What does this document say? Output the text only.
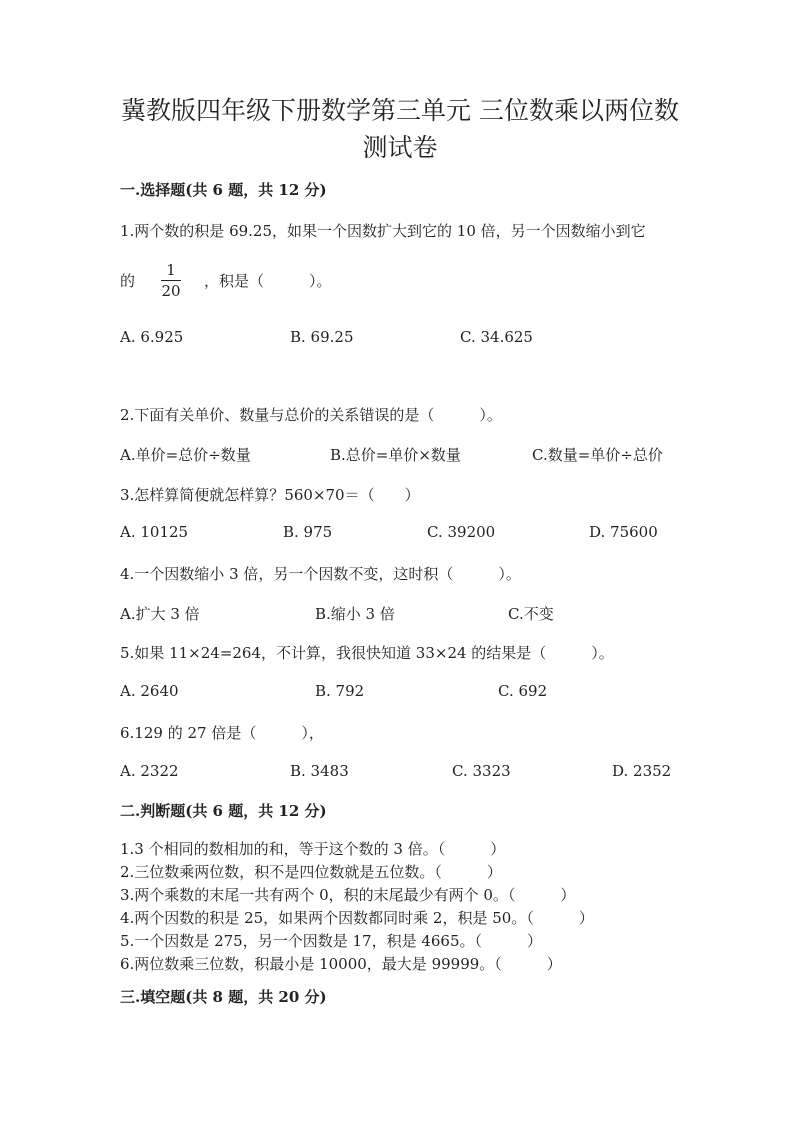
冀教版四年级下册数学第三单元 三位数乘以两位数
测试卷
一.选择题(共 6 题，共 12 分)

1.两个数的积是 69.25，如果一个因数扩大到它的 10 倍，另一个因数缩小到它

的

1
20

，积是（　　　）。

A. 6.925	B. 69.25	C. 34.625

2.下面有关单价、数量与总价的关系错误的是（　　　）。

A.单价=总价÷数量	B.总价=单价×数量	C.数量=单价÷总价

3.怎样算简便就怎样算？560×70＝（　　）

A. 10125	B. 975	C. 39200	D. 75600

4.一个因数缩小 3 倍，另一个因数不变，这时积（　　　）。

A.扩大 3 倍	B.缩小 3 倍	C.不变

5.如果 11×24=264，不计算，我很快知道 33×24 的结果是（　　　）。

A. 2640	B. 792	C. 692

6.129 的 27 倍是（　　　），

A. 2322	B. 3483	C. 3323	D. 2352
二.判断题(共 6 题，共 12 分)
1.3 个相同的数相加的和，等于这个数的 3 倍。（　　　）
2.三位数乘两位数，积不是四位数就是五位数。（　　　）
3.两个乘数的末尾一共有两个 0，积的末尾最少有两个 0。（　　　）
4.两个因数的积是 25，如果两个因数都同时乘 2，积是 50。（　　　）
5.一个因数是 275，另一个因数是 17，积是 4665。（　　　）
6.两位数乘三位数，积最小是 10000，最大是 99999。（　　　）
三.填空题(共 8 题，共 20 分)
